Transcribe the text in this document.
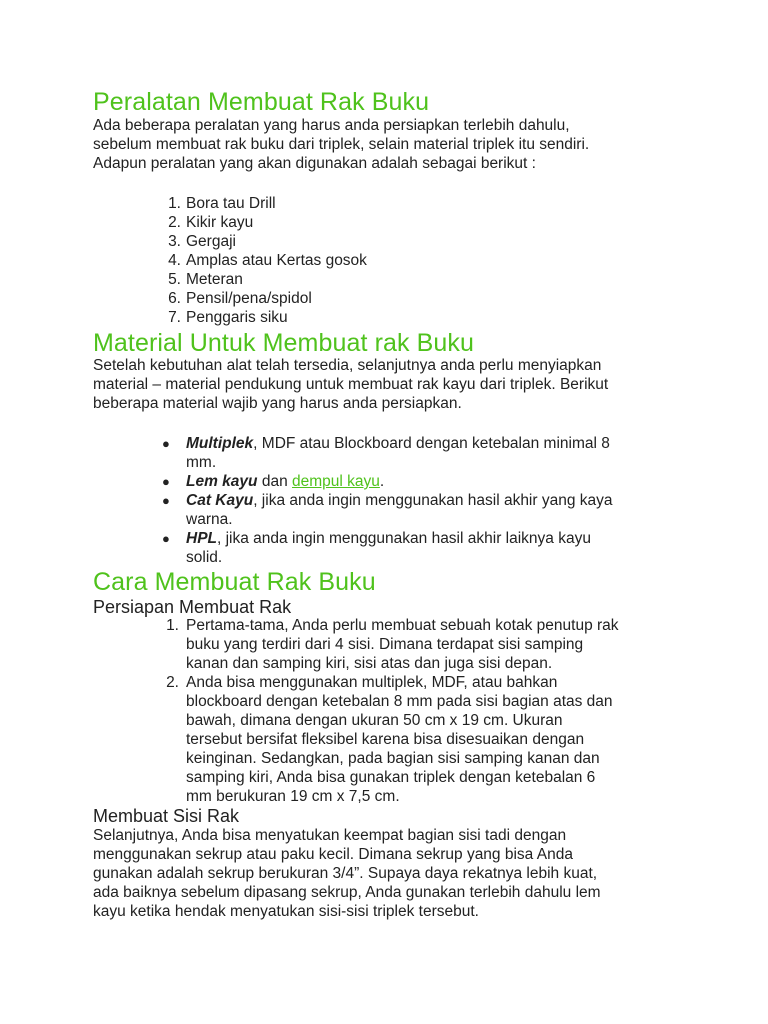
Peralatan Membuat Rak Buku

Ada beberapa peralatan yang harus anda persiapkan terlebih dahulu,

sebelum membuat rak buku dari triplek, selain material triplek itu sendiri.

Adapun peralatan yang akan digunakan adalah sebagai berikut :

1. Bora tau Drill
2. Kikir kayu
3. Gergaji
4. Amplas atau Kertas gosok
5. Meteran
6. Pensil/pena/spidol
7. Penggaris siku
Material Untuk Membuat rak Buku

Setelah kebutuhan alat telah tersedia, selanjutnya anda perlu menyiapkan

material – material pendukung untuk membuat rak kayu dari triplek. Berikut

beberapa material wajib yang harus anda persiapkan.

● Multiplek, MDF atau Blockboard dengan ketebalan minimal 8
mm.
● Lem kayu dan dempul kayu.
● Cat Kayu, jika anda ingin menggunakan hasil akhir yang kaya
warna.
● HPL, jika anda ingin menggunakan hasil akhir laiknya kayu
solid.
Cara Membuat Rak Buku
Persiapan Membuat Rak
1. Pertama-tama, Anda perlu membuat sebuah kotak penutup rak
buku yang terdiri dari 4 sisi. Dimana terdapat sisi samping
kanan dan samping kiri, sisi atas dan juga sisi depan.
2. Anda bisa menggunakan multiplek, MDF, atau bahkan
blockboard dengan ketebalan 8 mm pada sisi bagian atas dan
bawah, dimana dengan ukuran 50 cm x 19 cm. Ukuran
tersebut bersifat fleksibel karena bisa disesuaikan dengan
keinginan. Sedangkan, pada bagian sisi samping kanan dan
samping kiri, Anda bisa gunakan triplek dengan ketebalan 6
mm berukuran 19 cm x 7,5 cm.
Membuat Sisi Rak

Selanjutnya, Anda bisa menyatukan keempat bagian sisi tadi dengan

menggunakan sekrup atau paku kecil. Dimana sekrup yang bisa Anda

gunakan adalah sekrup berukuran 3/4”. Supaya daya rekatnya lebih kuat,

ada baiknya sebelum dipasang sekrup, Anda gunakan terlebih dahulu lem

kayu ketika hendak menyatukan sisi-sisi triplek tersebut.
